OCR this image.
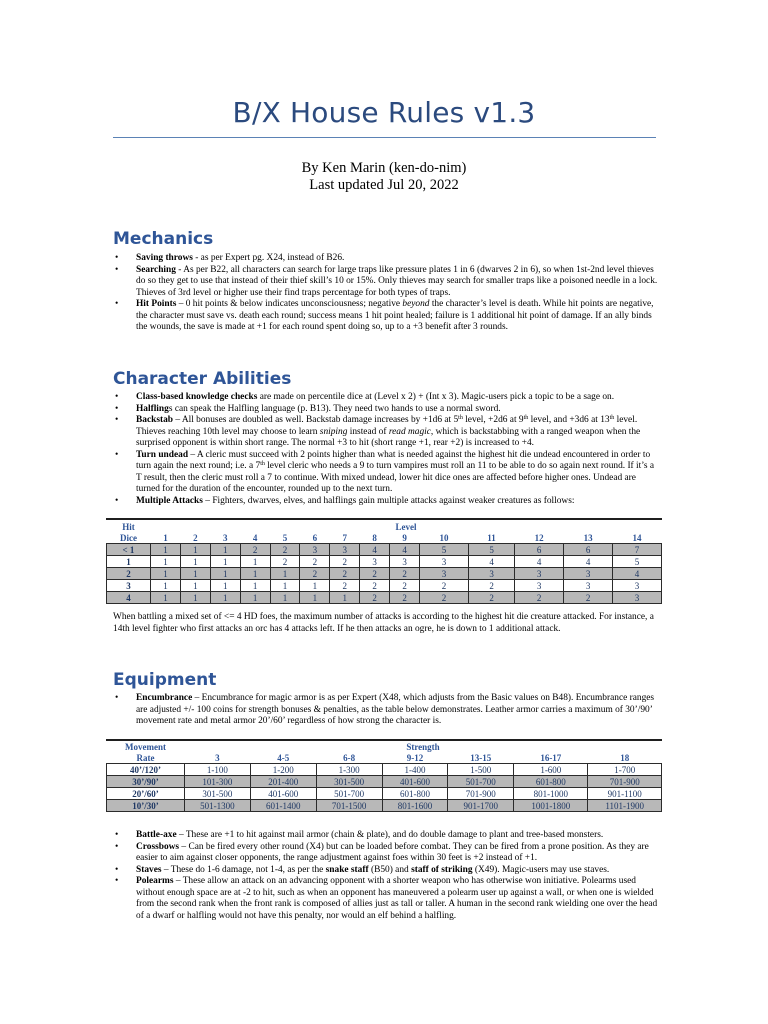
B/X House Rules v1.3
By Ken Marin (ken-do-nim)
Last updated Jul 20, 2022
Mechanics
• Saving throws - as per Expert pg. X24, instead of B26.
• Searching - As per B22, all characters can search for large traps like pressure plates 1 in 6 (dwarves 2 in 6), so when 1st-2nd level thieves do so they get to use that instead of their thief skill’s 10 or 15%. Only thieves may search for smaller traps like a poisoned needle in a lock. Thieves of 3rd level or higher use their find traps percentage for both types of traps.
• Hit Points – 0 hit points & below indicates unconsciousness; negative beyond the character’s level is death. While hit points are negative, the character must save vs. death each round; success means 1 hit point healed; failure is 1 additional hit point of damage. If an ally binds the wounds, the save is made at +1 for each round spent doing so, up to a +3 benefit after 3 rounds.
Character Abilities
• Class-based knowledge checks are made on percentile dice at (Level x 2) + (Int x 3). Magic-users pick a topic to be a sage on.
• Halflings can speak the Halfling language (p. B13). They need two hands to use a normal sword.
• Backstab – All bonuses are doubled as well. Backstab damage increases by +1d6 at 5th level, +2d6 at 9th level, and +3d6 at 13th level. Thieves reaching 10th level may choose to learn sniping instead of read magic, which is backstabbing with a ranged weapon when the surprised opponent is within short range. The normal +3 to hit (short range +1, rear +2) is increased to +4.
• Turn undead – A cleric must succeed with 2 points higher than what is needed against the highest hit die undead encountered in order to turn again the next round; i.e. a 7th level cleric who needs a 9 to turn vampires must roll an 11 to be able to do so again next round. If it’s a T result, then the cleric must roll a 7 to continue. With mixed undead, lower hit dice ones are affected before higher ones. Undead are turned for the duration of the encounter, rounded up to the next turn.
• Multiple Attacks – Fighters, dwarves, elves, and halflings gain multiple attacks against weaker creatures as follows:
Hit	Level													
Dice	1	2	3	4	5	6	7	8	9	10	11	12	13	14
< 1	1	1	1	2	2	3	3	4	4	5	5	6	6	7
1	1	1	1	1	2	2	2	3	3	3	4	4	4	5
2	1	1	1	1	1	2	2	2	2	3	3	3	3	4
3	1	1	1	1	1	1	2	2	2	2	2	3	3	3
4	1	1	1	1	1	1	1	2	2	2	2	2	2	3
When battling a mixed set of <= 4 HD foes, the maximum number of attacks is according to the highest hit die creature attacked. For instance, a 14th level fighter who first attacks an orc has 4 attacks left. If he then attacks an ogre, he is down to 1 additional attack.
Equipment
• Encumbrance – Encumbrance for magic armor is as per Expert (X48, which adjusts from the Basic values on B48). Encumbrance ranges are adjusted +/- 100 coins for strength bonuses & penalties, as the table below demonstrates. Leather armor carries a maximum of 30’/90’ movement rate and metal armor 20’/60’ regardless of how strong the character is.
Movement	Strength						
Rate	3	4-5	6-8	9-12	13-15	16-17	18
40’/120’	1-100	1-200	1-300	1-400	1-500	1-600	1-700
30’/90’	101-300	201-400	301-500	401-600	501-700	601-800	701-900
20’/60’	301-500	401-600	501-700	601-800	701-900	801-1000	901-1100
10’/30’	501-1300	601-1400	701-1500	801-1600	901-1700	1001-1800	1101-1900
• Battle-axe – These are +1 to hit against mail armor (chain & plate), and do double damage to plant and tree-based monsters.
• Crossbows – Can be fired every other round (X4) but can be loaded before combat. They can be fired from a prone position. As they are easier to aim against closer opponents, the range adjustment against foes within 30 feet is +2 instead of +1.
• Staves – These do 1-6 damage, not 1-4, as per the snake staff (B50) and staff of striking (X49). Magic-users may use staves.
• Polearms – These allow an attack on an advancing opponent with a shorter weapon who has otherwise won initiative. Polearms used without enough space are at -2 to hit, such as when an opponent has maneuvered a polearm user up against a wall, or when one is wielded from the second rank when the front rank is composed of allies just as tall or taller. A human in the second rank wielding one over the head of a dwarf or halfling would not have this penalty, nor would an elf behind a halfling.
